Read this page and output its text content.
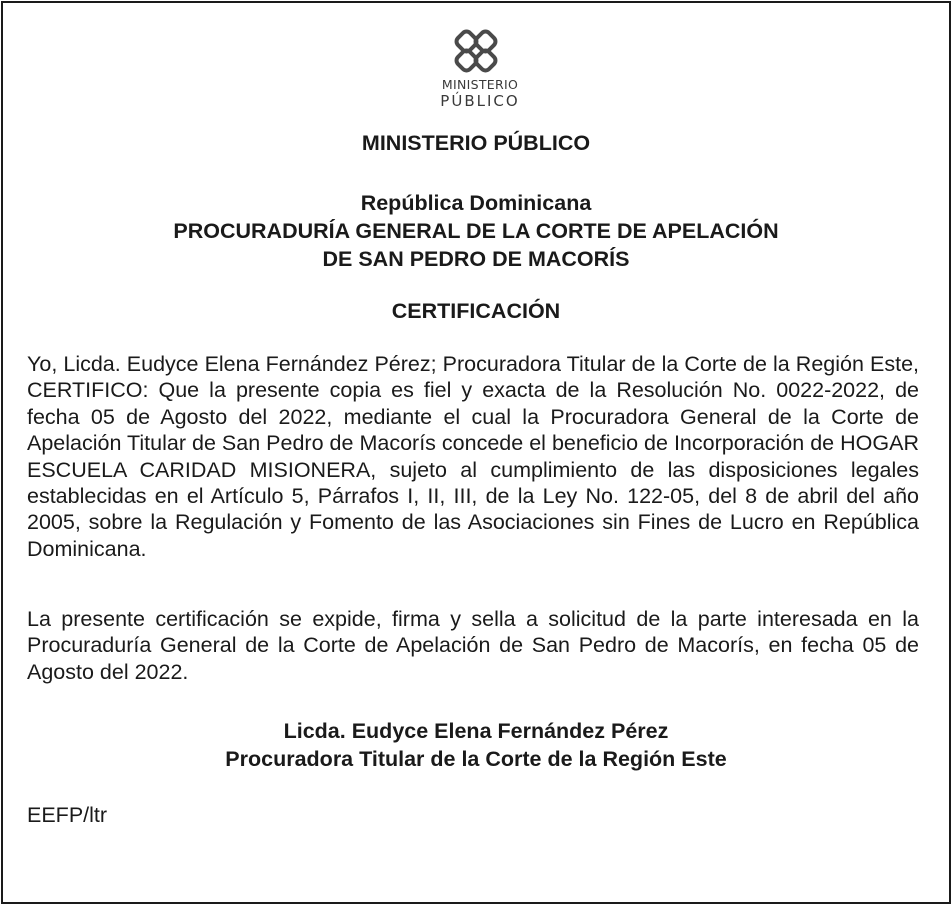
MINISTERIO
PÚBLICO
MINISTERIO PÚBLICO
República Dominicana
PROCURADURÍA GENERAL DE LA CORTE DE APELACIÓN
DE SAN PEDRO DE MACORÍS
CERTIFICACIÓN
Yo, Licda. Eudyce Elena Fernández Pérez; Procuradora Titular de la Corte de la Región Este, CERTIFICO: Que la presente copia es fiel y exacta de la Resolución No. 0022-2022, de fecha 05 de Agosto del 2022, mediante el cual la Procuradora General de la Corte de Apelación Titular de San Pedro de Macorís concede el beneficio de Incorporación de HOGAR ESCUELA CARIDAD MISIONERA, sujeto al cumplimiento de las disposiciones legales establecidas en el Artículo 5, Párrafos I, II, III, de la Ley No. 122-05, del 8 de abril del año 2005, sobre la Regulación y Fomento de las Asociaciones sin Fines de Lucro en República Dominicana.
La presente certificación se expide, firma y sella a solicitud de la parte interesada en la Procuraduría General de la Corte de Apelación de San Pedro de Macorís, en fecha 05 de Agosto del 2022.
Licda. Eudyce Elena Fernández Pérez
Procuradora Titular de la Corte de la Región Este
EEFP/ltr
